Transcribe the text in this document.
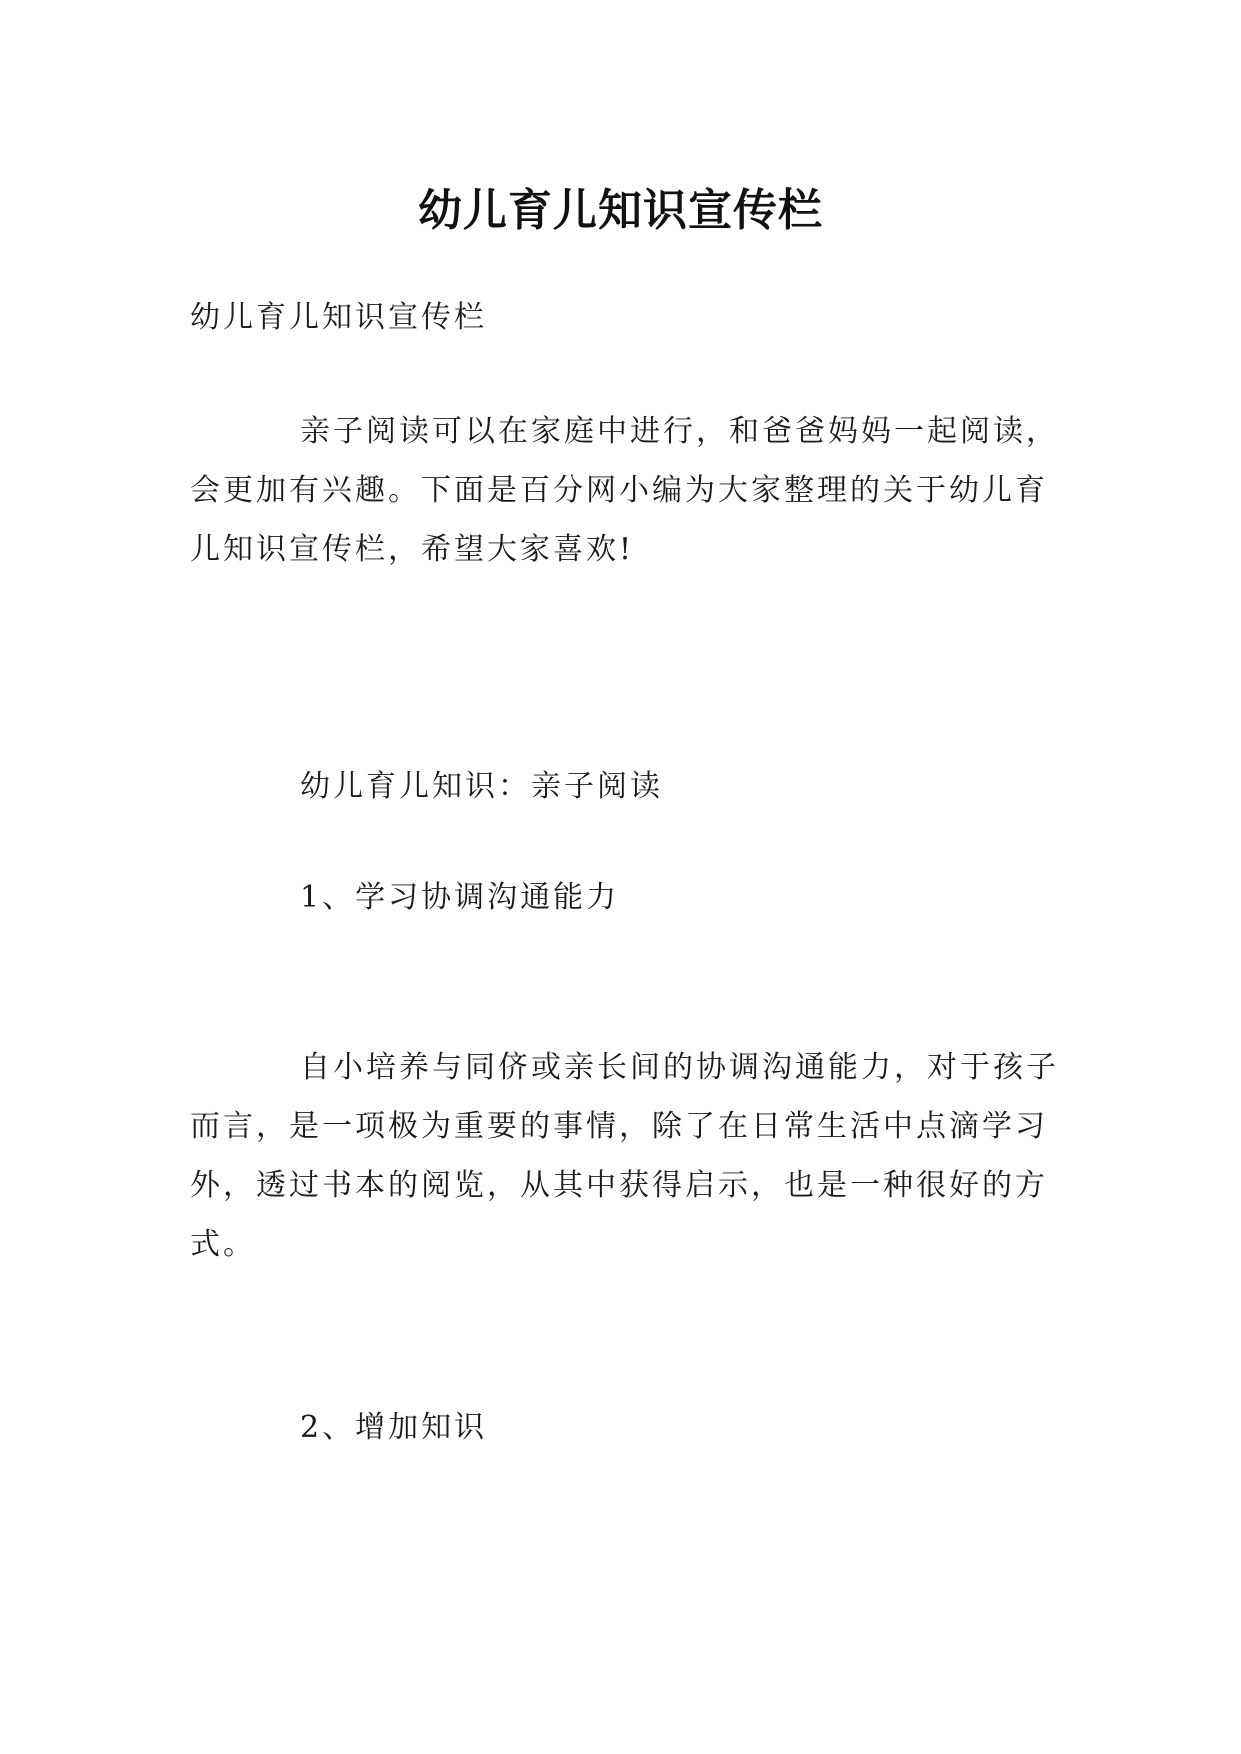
幼儿育儿知识宣传栏

幼儿育儿知识宣传栏

亲子阅读可以在家庭中进行，和爸爸妈妈一起阅读，会更加有兴趣。下面是百分网小编为大家整理的关于幼儿育儿知识宣传栏，希望大家喜欢!

幼儿育儿知识：亲子阅读

1、学习协调沟通能力

自小培养与同侪或亲长间的协调沟通能力，对于孩子而言，是一项极为重要的事情，除了在日常生活中点滴学习外，透过书本的阅览，从其中获得启示，也是一种很好的方式。

2、增加知识
